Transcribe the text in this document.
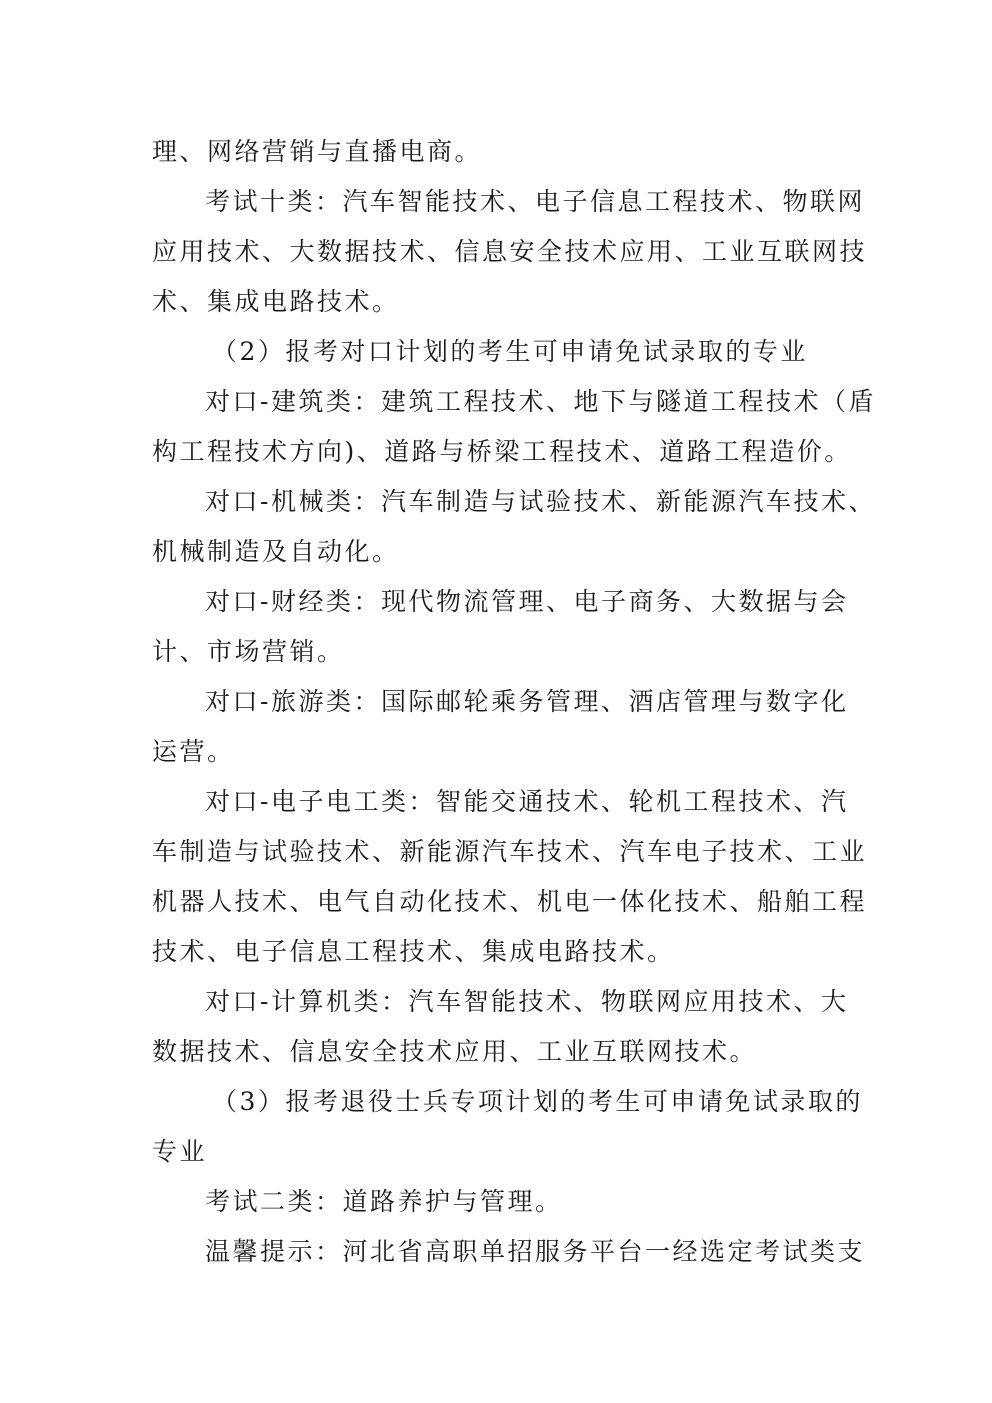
理、网络营销与直播电商。
考试十类：汽车智能技术、电子信息工程技术、物联网
应用技术、大数据技术、信息安全技术应用、工业互联网技
术、集成电路技术。
（2）报考对口计划的考生可申请免试录取的专业
对口-建筑类：建筑工程技术、地下与隧道工程技术（盾
构工程技术方向)、道路与桥梁工程技术、道路工程造价。
对口-机械类：汽车制造与试验技术、新能源汽车技术、
机械制造及自动化。
对口-财经类：现代物流管理、电子商务、大数据与会
计、市场营销。
对口-旅游类：国际邮轮乘务管理、酒店管理与数字化
运营。
对口-电子电工类：智能交通技术、轮机工程技术、汽
车制造与试验技术、新能源汽车技术、汽车电子技术、工业
机器人技术、电气自动化技术、机电一体化技术、船舶工程
技术、电子信息工程技术、集成电路技术。
对口-计算机类：汽车智能技术、物联网应用技术、大
数据技术、信息安全技术应用、工业互联网技术。
（3）报考退役士兵专项计划的考生可申请免试录取的
专业
考试二类：道路养护与管理。
温馨提示：河北省高职单招服务平台一经选定考试类支
